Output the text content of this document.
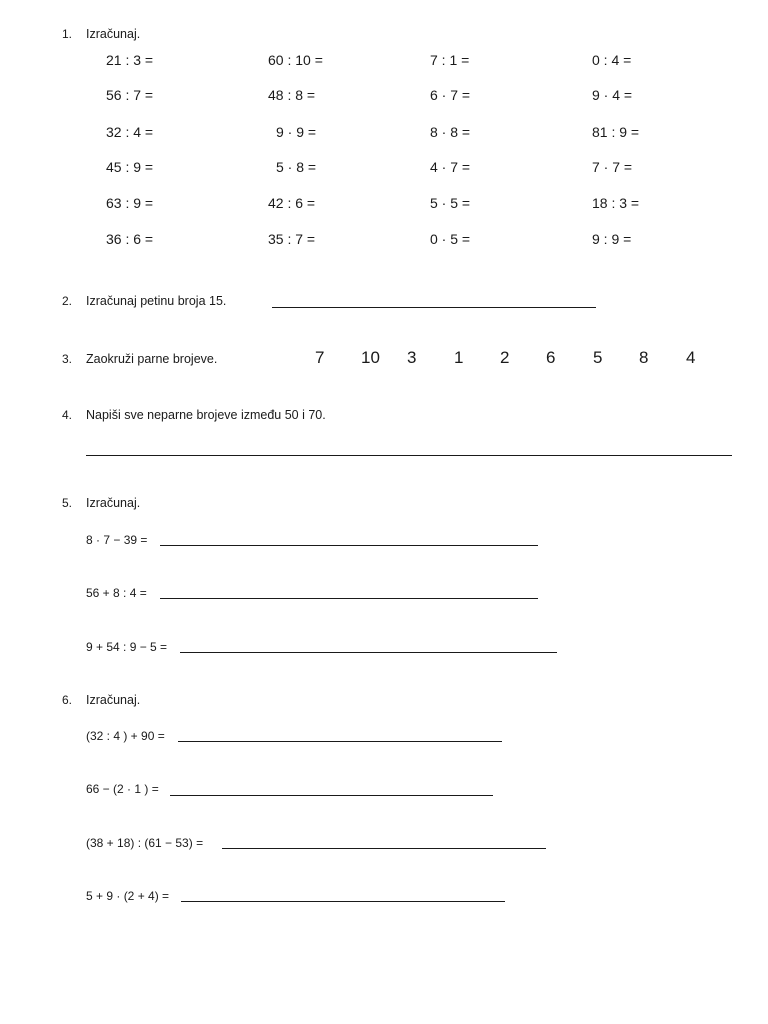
1. Izračunaj.
21 : 3 =	60 : 10 =	7 : 1 =	0 : 4 =
56 : 7 =	48 : 8 =	6 · 7 =	9 · 4 =
32 : 4 =	9 · 9 =	8 · 8 =	81 : 9 =
45 : 9 =	5 · 8 =	4 · 7 =	7 · 7 =
63 : 9 =	42 : 6 =	5 · 5 =	18 : 3 =
36 : 6 =	35 : 7 =	0 · 5 =	9 : 9 =
2. Izračunaj petinu broja 15.
3. Zaokruži parne brojeve.	7 10 3 1 2 6 5 8 4
4. Napiši sve neparne brojeve između 50 i 70.
5. Izračunaj.
8 · 7 − 39 =
56 + 8 : 4 =
9 + 54 : 9 − 5 =
6. Izračunaj.
(32 : 4 ) + 90 =
66 − (2 · 1 ) =
(38 + 18) : (61 − 53) =
5 + 9 · (2 + 4) =
